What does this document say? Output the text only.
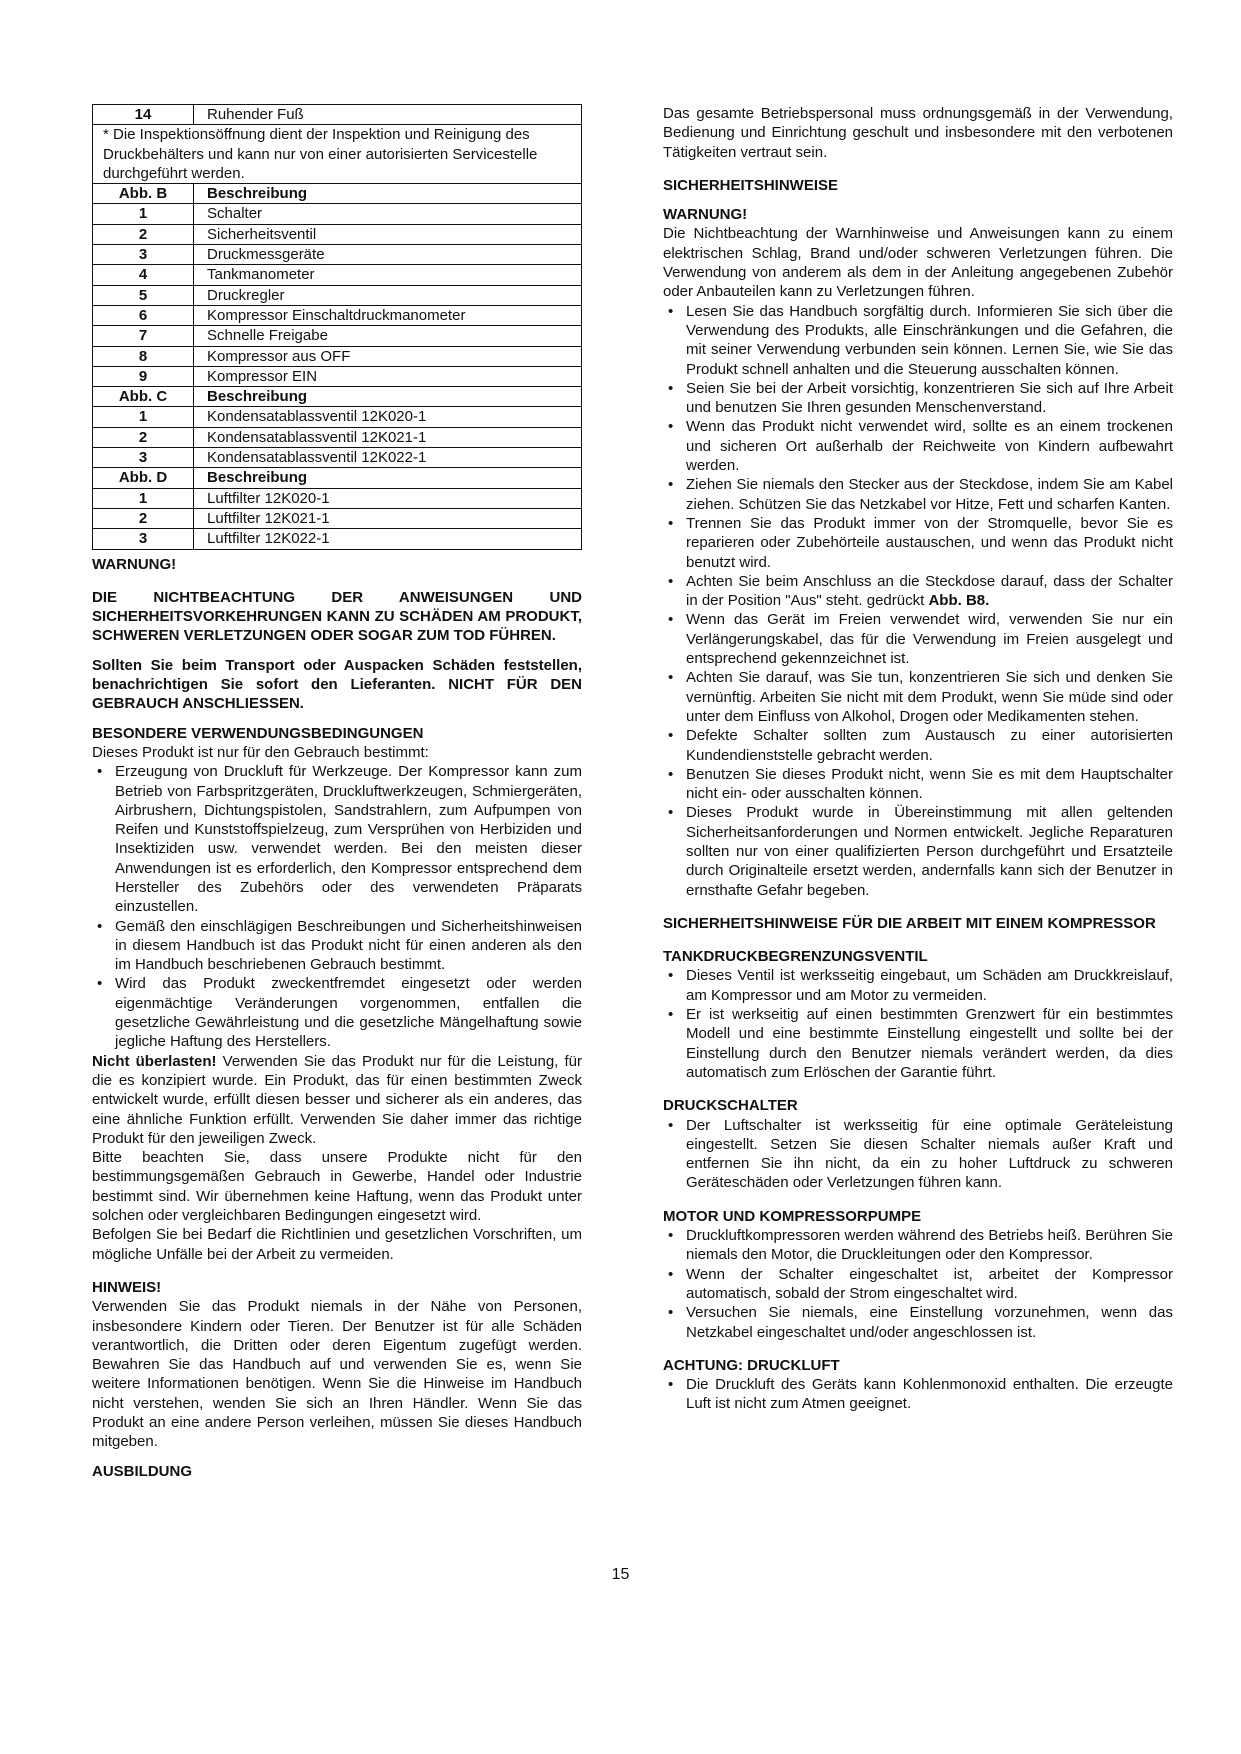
14	Ruhender Fuß

* Die Inspektionsöffnung dient der Inspektion und Reinigung des
Druckbehälters und kann nur von einer autorisierten Servicestelle
durchgeführt werden.	

Abb. B	Beschreibung
1	Schalter
2	Sicherheitsventil
3	Druckmessgeräte
4	Tankmanometer
5	Druckregler
6	Kompressor Einschaltdruckmanometer
7	Schnelle Freigabe
8	Kompressor aus OFF
9	Kompressor EIN
Abb. C	Beschreibung
1	Kondensatablassventil 12K020-1
2	Kondensatablassventil 12K021-1
3	Kondensatablassventil 12K022-1
Abb. D	Beschreibung
1	Luftfilter 12K020-1
2	Luftfilter 12K021-1
3	Luftfilter 12K022-1

WARNUNG!

DIE NICHTBEACHTUNG DER ANWEISUNGEN UND SICHERHEITSVORKEHRUNGEN KANN ZU SCHÄDEN AM PRODUKT, SCHWEREN VERLETZUNGEN ODER SOGAR ZUM TOD FÜHREN.

Sollten Sie beim Transport oder Auspacken Schäden feststellen, benachrichtigen Sie sofort den Lieferanten. NICHT FÜR DEN GEBRAUCH ANSCHLIESSEN.

BESONDERE VERWENDUNGSBEDINGUNGEN

Dieses Produkt ist nur für den Gebrauch bestimmt:

• Erzeugung von Druckluft für Werkzeuge. Der Kompressor kann zum Betrieb von Farbspritzgeräten, Druckluftwerkzeugen, Schmiergeräten, Airbrushern, Dichtungspistolen, Sandstrahlern, zum Aufpumpen von Reifen und Kunststoffspielzeug, zum Versprühen von Herbiziden und Insektiziden usw. verwendet werden. Bei den meisten dieser Anwendungen ist es erforderlich, den Kompressor entsprechend dem Hersteller des Zubehörs oder des verwendeten Präparats einzustellen.
• Gemäß den einschlägigen Beschreibungen und Sicherheitshinweisen in diesem Handbuch ist das Produkt nicht für einen anderen als den im Handbuch beschriebenen Gebrauch bestimmt.
• Wird das Produkt zweckentfremdet eingesetzt oder werden eigenmächtige Veränderungen vorgenommen, entfallen die gesetzliche Gewährleistung und die gesetzliche Mängelhaftung sowie jegliche Haftung des Herstellers.

Nicht überlasten! Verwenden Sie das Produkt nur für die Leistung, für die es konzipiert wurde. Ein Produkt, das für einen bestimmten Zweck entwickelt wurde, erfüllt diesen besser und sicherer als ein anderes, das eine ähnliche Funktion erfüllt. Verwenden Sie daher immer das richtige Produkt für den jeweiligen Zweck.

Bitte beachten Sie, dass unsere Produkte nicht für den bestimmungsgemäßen Gebrauch in Gewerbe, Handel oder Industrie bestimmt sind. Wir übernehmen keine Haftung, wenn das Produkt unter solchen oder vergleichbaren Bedingungen eingesetzt wird.

Befolgen Sie bei Bedarf die Richtlinien und gesetzlichen Vorschriften, um mögliche Unfälle bei der Arbeit zu vermeiden.

HINWEIS!

Verwenden Sie das Produkt niemals in der Nähe von Personen, insbesondere Kindern oder Tieren. Der Benutzer ist für alle Schäden verantwortlich, die Dritten oder deren Eigentum zugefügt werden. Bewahren Sie das Handbuch auf und verwenden Sie es, wenn Sie weitere Informationen benötigen. Wenn Sie die Hinweise im Handbuch nicht verstehen, wenden Sie sich an Ihren Händler. Wenn Sie das Produkt an eine andere Person verleihen, müssen Sie dieses Handbuch mitgeben.

AUSBILDUNG

Das gesamte Betriebspersonal muss ordnungsgemäß in der Verwendung, Bedienung und Einrichtung geschult und insbesondere mit den verbotenen Tätigkeiten vertraut sein.

SICHERHEITSHINWEISE

WARNUNG!

Die Nichtbeachtung der Warnhinweise und Anweisungen kann zu einem elektrischen Schlag, Brand und/oder schweren Verletzungen führen. Die Verwendung von anderem als dem in der Anleitung angegebenen Zubehör oder Anbauteilen kann zu Verletzungen führen.

• Lesen Sie das Handbuch sorgfältig durch. Informieren Sie sich über die Verwendung des Produkts, alle Einschränkungen und die Gefahren, die mit seiner Verwendung verbunden sein können. Lernen Sie, wie Sie das Produkt schnell anhalten und die Steuerung ausschalten können.
• Seien Sie bei der Arbeit vorsichtig, konzentrieren Sie sich auf Ihre Arbeit und benutzen Sie Ihren gesunden Menschenverstand.
• Wenn das Produkt nicht verwendet wird, sollte es an einem trockenen und sicheren Ort außerhalb der Reichweite von Kindern aufbewahrt werden.
• Ziehen Sie niemals den Stecker aus der Steckdose, indem Sie am Kabel ziehen. Schützen Sie das Netzkabel vor Hitze, Fett und scharfen Kanten.
• Trennen Sie das Produkt immer von der Stromquelle, bevor Sie es reparieren oder Zubehörteile austauschen, und wenn das Produkt nicht benutzt wird.
• Achten Sie beim Anschluss an die Steckdose darauf, dass der Schalter in der Position "Aus" steht. gedrückt Abb. B8.
• Wenn das Gerät im Freien verwendet wird, verwenden Sie nur ein Verlängerungskabel, das für die Verwendung im Freien ausgelegt und entsprechend gekennzeichnet ist.
• Achten Sie darauf, was Sie tun, konzentrieren Sie sich und denken Sie vernünftig. Arbeiten Sie nicht mit dem Produkt, wenn Sie müde sind oder unter dem Einfluss von Alkohol, Drogen oder Medikamenten stehen.
• Defekte Schalter sollten zum Austausch zu einer autorisierten Kundendienststelle gebracht werden.
• Benutzen Sie dieses Produkt nicht, wenn Sie es mit dem Hauptschalter nicht ein- oder ausschalten können.
• Dieses Produkt wurde in Übereinstimmung mit allen geltenden Sicherheitsanforderungen und Normen entwickelt. Jegliche Reparaturen sollten nur von einer qualifizierten Person durchgeführt und Ersatzteile durch Originalteile ersetzt werden, andernfalls kann sich der Benutzer in ernsthafte Gefahr begeben.

SICHERHEITSHINWEISE FÜR DIE ARBEIT MIT EINEM KOMPRESSOR

TANKDRUCKBEGRENZUNGSVENTIL

• Dieses Ventil ist werksseitig eingebaut, um Schäden am Druckkreislauf, am Kompressor und am Motor zu vermeiden.
• Er ist werkseitig auf einen bestimmten Grenzwert für ein bestimmtes Modell und eine bestimmte Einstellung eingestellt und sollte bei der Einstellung durch den Benutzer niemals verändert werden, da dies automatisch zum Erlöschen der Garantie führt.

DRUCKSCHALTER

• Der Luftschalter ist werksseitig für eine optimale Geräteleistung eingestellt. Setzen Sie diesen Schalter niemals außer Kraft und entfernen Sie ihn nicht, da ein zu hoher Luftdruck zu schweren Geräteschäden oder Verletzungen führen kann.

MOTOR UND KOMPRESSORPUMPE

• Druckluftkompressoren werden während des Betriebs heiß. Berühren Sie niemals den Motor, die Druckleitungen oder den Kompressor.
• Wenn der Schalter eingeschaltet ist, arbeitet der Kompressor automatisch, sobald der Strom eingeschaltet wird.
• Versuchen Sie niemals, eine Einstellung vorzunehmen, wenn das Netzkabel eingeschaltet und/oder angeschlossen ist.

ACHTUNG: DRUCKLUFT

• Die Druckluft des Geräts kann Kohlenmonoxid enthalten. Die erzeugte Luft ist nicht zum Atmen geeignet.
15
